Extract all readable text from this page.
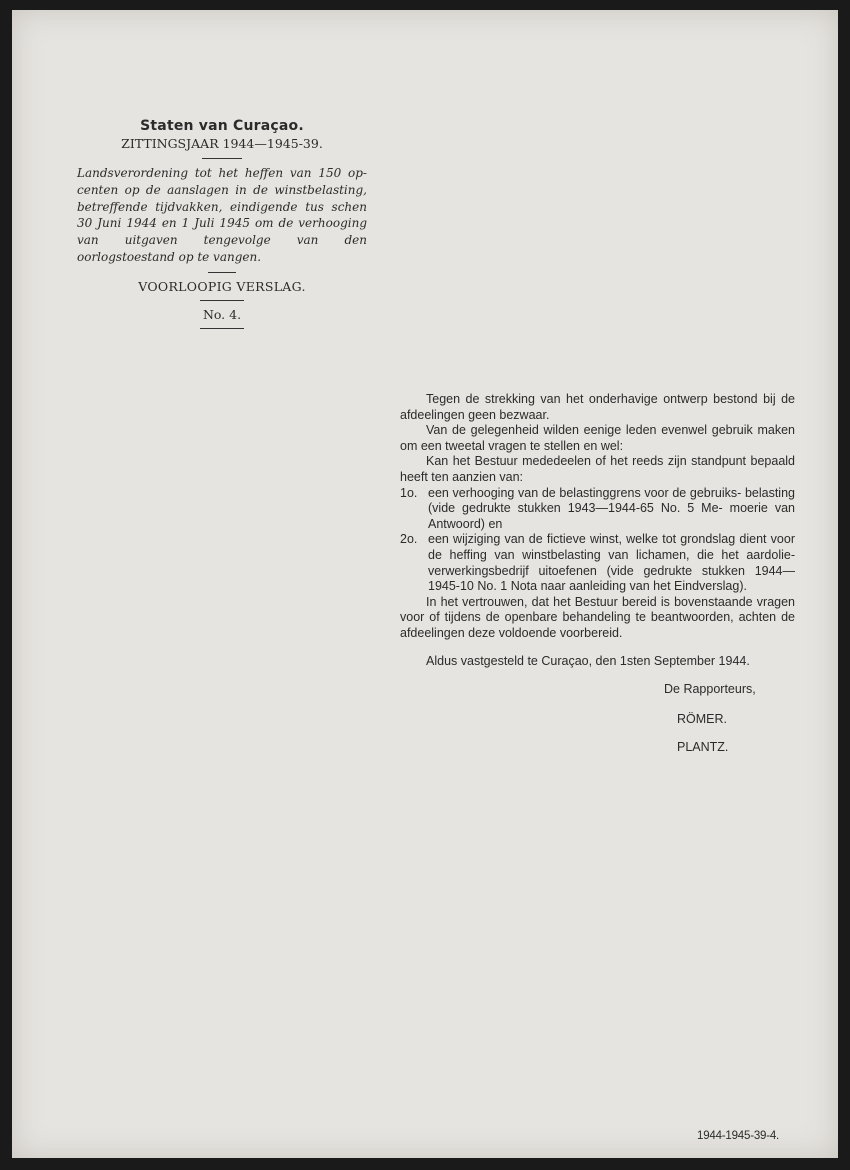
Staten van Curaçao.

ZITTINGSJAAR 1944—1945-39.

Landsverordening tot het heffen van 150 op- centen op de aanslagen in de winstbelasting, betreffende tijdvakken, eindigende tus schen 30 Juni 1944 en 1 Juli 1945 om de verhooging van uitgaven tengevolge van den oorlogstoestand op te vangen.

VOORLOOPIG VERSLAG.

No. 4.

Tegen de strekking van het onderhavige ontwerp bestond bij de afdeelingen geen bezwaar.

Van de gelegenheid wilden eenige leden evenwel gebruik maken om een tweetal vragen te stellen en wel:

Kan het Bestuur mededeelen of het reeds zijn standpunt bepaald heeft ten aanzien van:

1o. een verhooging van de belastinggrens voor de gebruiks- belasting (vide gedrukte stukken 1943—1944-65 No. 5 Me- moerie van Antwoord) en
2o. een wijziging van de fictieve winst, welke tot grondslag dient voor de heffing van winstbelasting van lichamen, die het aardolie-verwerkingsbedrijf uitoefenen (vide gedrukte stukken 1944—1945-10 No. 1 Nota naar aanleiding van het Eindverslag).

In het vertrouwen, dat het Bestuur bereid is bovenstaande vragen voor of tijdens de openbare behandeling te beantwoorden, achten de afdeelingen deze voldoende voorbereid.

Aldus vastgesteld te Curaçao, den 1sten September 1944.

De Rapporteurs,
RÖMER.
PLANTZ.
1944-1945-39-4.
